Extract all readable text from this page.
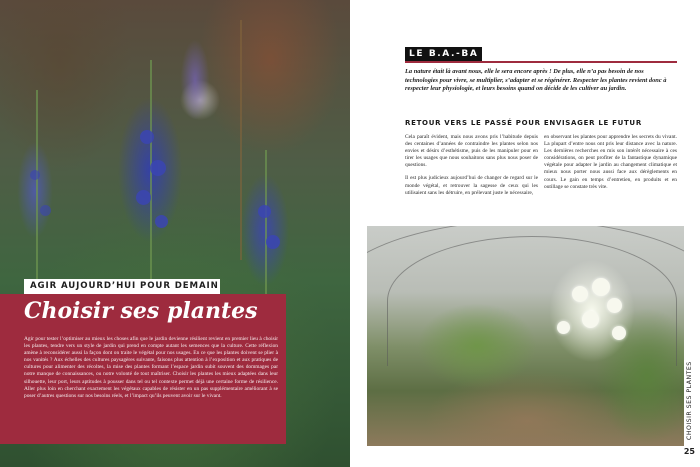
AGIR AUJOURD’HUI POUR DEMAIN
Choisir ses plantes
Agir pour tester l’optimiser au mieux les choses afin que le jardin devienne résilient revient en premier lieu à choisir les plantes, tendre vers un style de jardin qui prend en compte autant les semences que la culture. Cette réflexion amène à reconsidérer aussi la façon dont on traite le végétal pour nos usages. En ce que les plantes doivent se plier à nos vanités ? Aux échelles des cultures paysagères suivante, faisons plus attention à l’exposition et aux pratiques de cultures pour alimenter des récoltes, la mise des plantes formant l’espace jardin subit souvent des dommages par notre manque de connaissances, ou notre volonté de tout maîtriser. Choisir les plantes les mieux adaptées dans leur silhouette, leur port, leurs aptitudes à pousser dans tel ou tel contexte permet déjà une certaine forme de résilience. Aller plus loin en cherchant exactement les végétaux capables de résister en un pas supplémentaire améliorant à se poser d’autres questions sur nos besoins réels, et l’impact qu’ils peuvent avoir sur le vivant.
LE B.A.-BA
La nature était là avant nous, elle le sera encore après ! De plus, elle n’a pas besoin de nos technologies pour vivre, se multiplier, s’adapter et se régénérer. Respecter les plantes revient donc à respecter leur physiologie, et leurs besoins quand on décide de les cultiver au jardin.
RETOUR VERS LE PASSÉ POUR ENVISAGER LE FUTUR

Cela paraît évident, mais nous avons pris l’habitude depuis des centaines d’années de contraindre les plantes selon nos envies et désirs d’esthétisme, puis de les manipuler pour en tirer les usages que nous souhaitons sans plus nous poser de questions.

Il est plus judicieux aujourd’hui de changer de regard sur le monde végétal, et retrouver la sagesse de ceux qui les utilisaient sans les détruire, en prélevant juste le nécessaire,

en observant les plantes pour apprendre les secrets du vivant. La plupart d’entre nous ont pris leur distance avec la nature. Les dernières recherches en mis son intérêt nécessaire à ces considérations, on peut profiter de la fantastique dynamique végétale pour adapter le jardin au changement climatique et mieux nous porter nous aussi face aux dérèglements en cours. Le gain en temps d’entretien, en produits et en outillage se constate très vite.

CHOISIR SES PLANTES
25
